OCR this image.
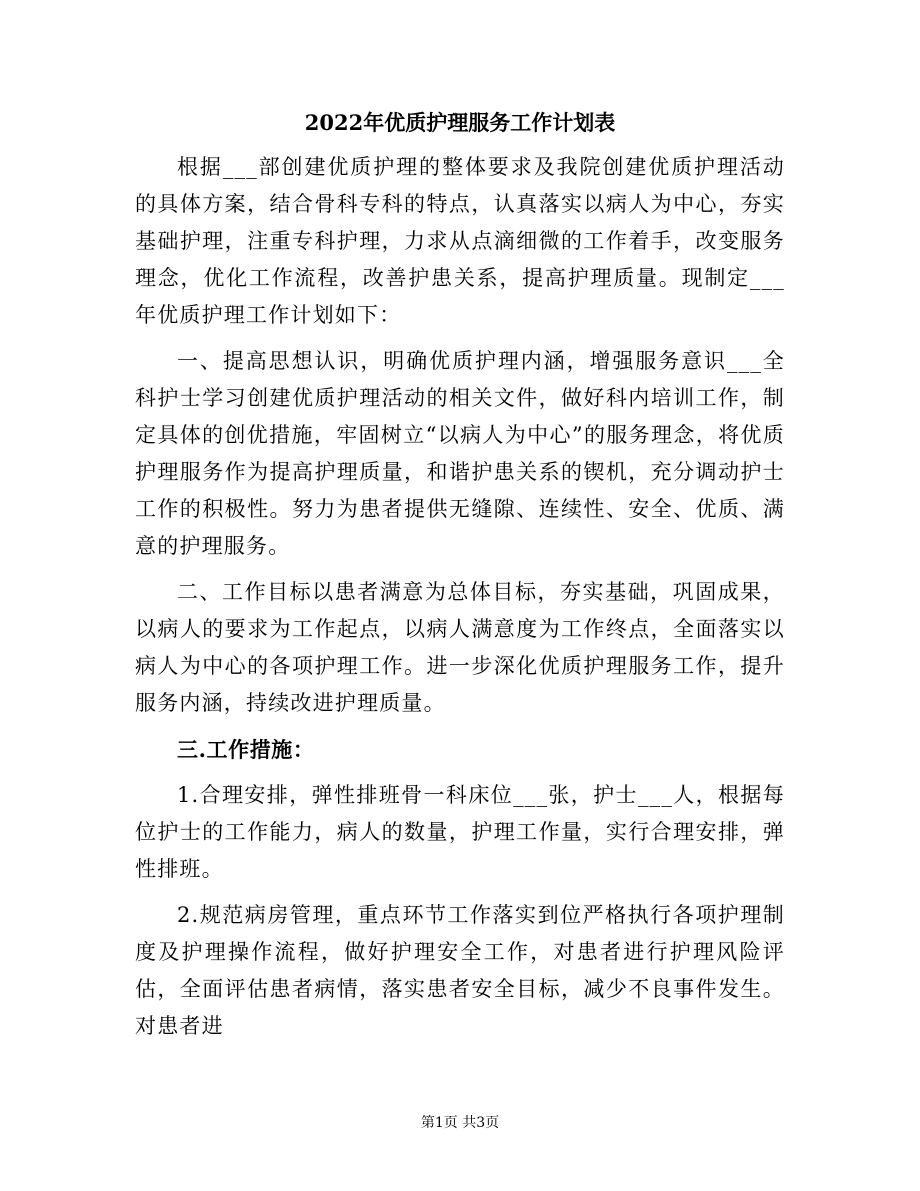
2022年优质护理服务工作计划表

根据___部创建优质护理的整体要求及我院创建优质护理活动的具体方案，结合骨科专科的特点，认真落实以病人为中心，夯实基础护理，注重专科护理，力求从点滴细微的工作着手，改变服务理念，优化工作流程，改善护患关系，提高护理质量。现制定___年优质护理工作计划如下：

一、提高思想认识，明确优质护理内涵，增强服务意识___全科护士学习创建优质护理活动的相关文件，做好科内培训工作，制定具体的创优措施，牢固树立“以病人为中心”的服务理念，将优质护理服务作为提高护理质量，和谐护患关系的锲机，充分调动护士工作的积极性。努力为患者提供无缝隙、连续性、安全、优质、满意的护理服务。

二、工作目标以患者满意为总体目标，夯实基础，巩固成果，以病人的要求为工作起点，以病人满意度为工作终点，全面落实以病人为中心的各项护理工作。进一步深化优质护理服务工作，提升服务内涵，持续改进护理质量。

三.工作措施：

1.合理安排，弹性排班骨一科床位___张，护士___人，根据每位护士的工作能力，病人的数量，护理工作量，实行合理安排，弹性排班。

2.规范病房管理，重点环节工作落实到位严格执行各项护理制度及护理操作流程，做好护理安全工作，对患者进行护理风险评估，全面评估患者病情，落实患者安全目标，减少不良事件发生。对患者进

第1页 共3页
